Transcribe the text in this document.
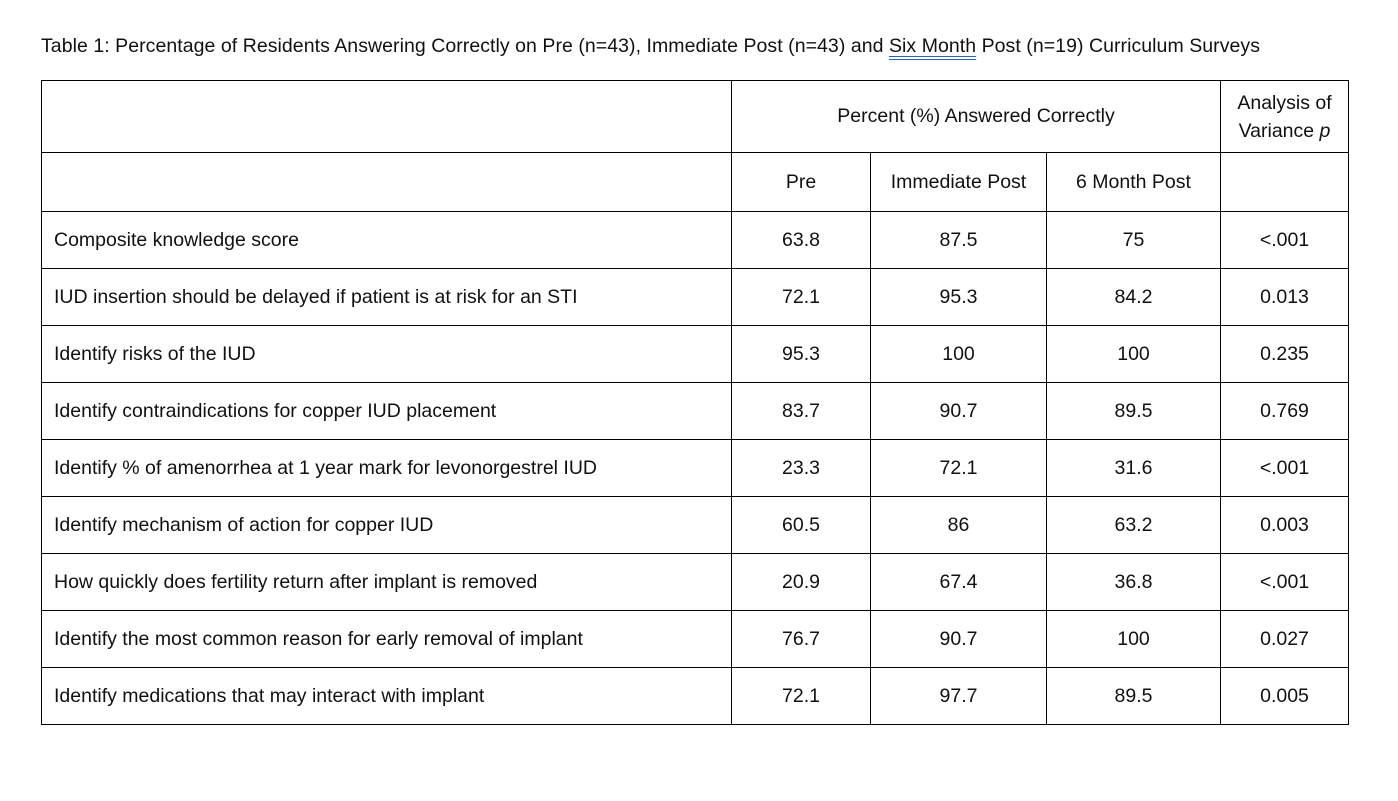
Table 1: Percentage of Residents Answering Correctly on Pre (n=43), Immediate Post (n=43) and Six Month Post (n=19) Curriculum Surveys
	Percent (%) Answered Correctly			Analysis of
Variance p
	Pre	Immediate Post	6 Month Post	
Composite knowledge score	63.8	87.5	75	<.001
IUD insertion should be delayed if patient is at risk for an STI	72.1	95.3	84.2	0.013
Identify risks of the IUD	95.3	100	100	0.235
Identify contraindications for copper IUD placement	83.7	90.7	89.5	0.769
Identify % of amenorrhea at 1 year mark for levonorgestrel IUD	23.3	72.1	31.6	<.001
Identify mechanism of action for copper IUD	60.5	86	63.2	0.003
How quickly does fertility return after implant is removed	20.9	67.4	36.8	<.001
Identify the most common reason for early removal of implant	76.7	90.7	100	0.027
Identify medications that may interact with implant	72.1	97.7	89.5	0.005
